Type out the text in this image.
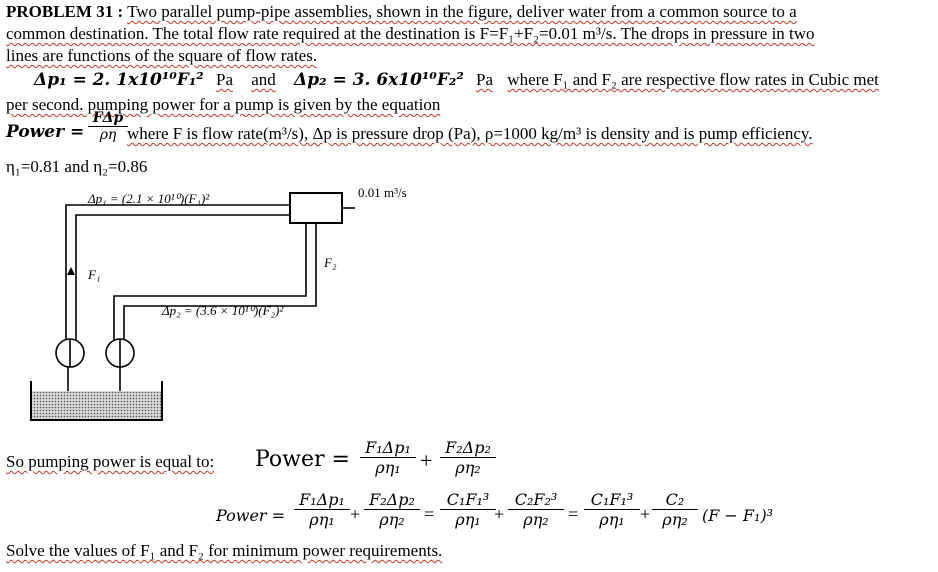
PROBLEM 31 : Two parallel pump-pipe assemblies, shown in the figure, deliver water from a common source to a
common destination. The total flow rate required at the destination is F=F₁+F₂=0.01 m³/s. The drops in pressure in two
lines are functions of the square of flow rates.
Δp₁ = 2. 1x10¹⁰F₁² Pa and Δp₂ = 3. 6x10¹⁰F₂² Pa where F₁ and F₂ are respective flow rates in Cubic met
per second. pumping power for a pump is given by the equation
Power =
FΔp
ρη where F is flow rate(m³/s), Δp is pressure drop (Pa), ρ=1000 kg/m³ is density and is pump efficiency.
η₁=0.81 and η₂=0.86
Δp₁ = (2.1 × 10¹⁰)(F₁)²	0.01 m³/s
F₁
F₂
Δp₂ = (3.6 × 10¹⁰)(F₂)²
So pumping power is equal to: Power = $\frac{\text{F₁Δp₁}}{\text{ρη₁}} + \frac{\text{F₂Δp₂}}{\text{ρη₂}}$
Power = $\frac{\text{F₁Δp₁}}{\text{ρη₁}} + \frac{\text{F₂Δp₂}}{\text{ρη₂}} = \frac{\text{C₁F₁³}}{\text{ρη₁}}$
+ $\frac{\text{C₂F₂³}}{\text{ρη₂}} = \frac{\text{C₁F₁³}}{\text{ρη₁}} + \frac{\text{C₂}}{\text{ρη₂}} (F - F_1)^3$
Solve the values of F₁ and F₂ for minimum power requirements.
